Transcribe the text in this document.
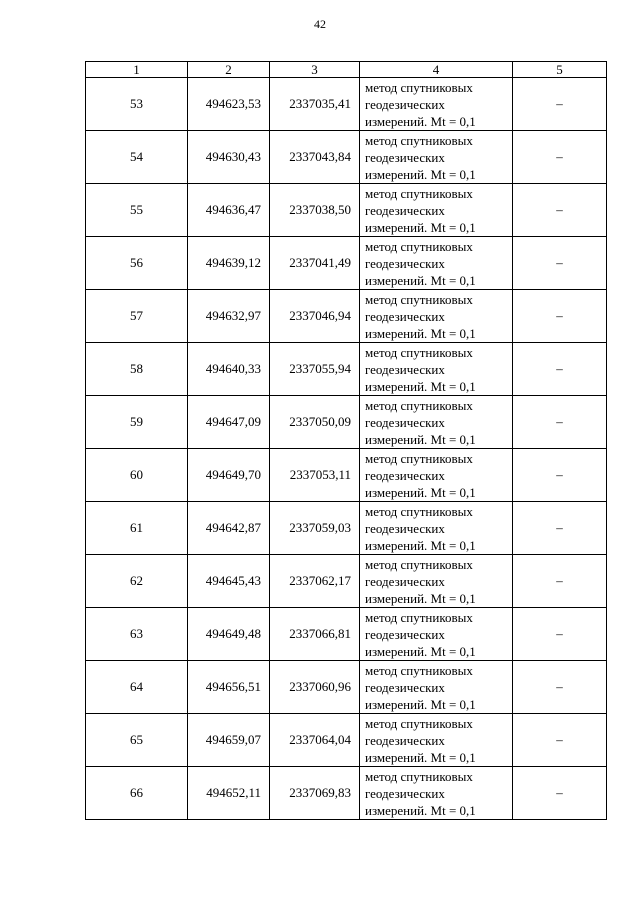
42
1	2	3	4	5
53	494623,53	2337035,41	метод спутниковых
геодезических
измерений. Mt = 0,1	–
54	494630,43	2337043,84	метод спутниковых
геодезических
измерений. Mt = 0,1	–
55	494636,47	2337038,50	метод спутниковых
геодезических
измерений. Mt = 0,1	–
56	494639,12	2337041,49	метод спутниковых
геодезических
измерений. Mt = 0,1	–
57	494632,97	2337046,94	метод спутниковых
геодезических
измерений. Mt = 0,1	–
58	494640,33	2337055,94	метод спутниковых
геодезических
измерений. Mt = 0,1	–
59	494647,09	2337050,09	метод спутниковых
геодезических
измерений. Mt = 0,1	–
60	494649,70	2337053,11	метод спутниковых
геодезических
измерений. Mt = 0,1	–
61	494642,87	2337059,03	метод спутниковых
геодезических
измерений. Mt = 0,1	–
62	494645,43	2337062,17	метод спутниковых
геодезических
измерений. Mt = 0,1	–
63	494649,48	2337066,81	метод спутниковых
геодезических
измерений. Mt = 0,1	–
64	494656,51	2337060,96	метод спутниковых
геодезических
измерений. Mt = 0,1	–
65	494659,07	2337064,04	метод спутниковых
геодезических
измерений. Mt = 0,1	–
66	494652,11	2337069,83	метод спутниковых
геодезических
измерений. Mt = 0,1	–
